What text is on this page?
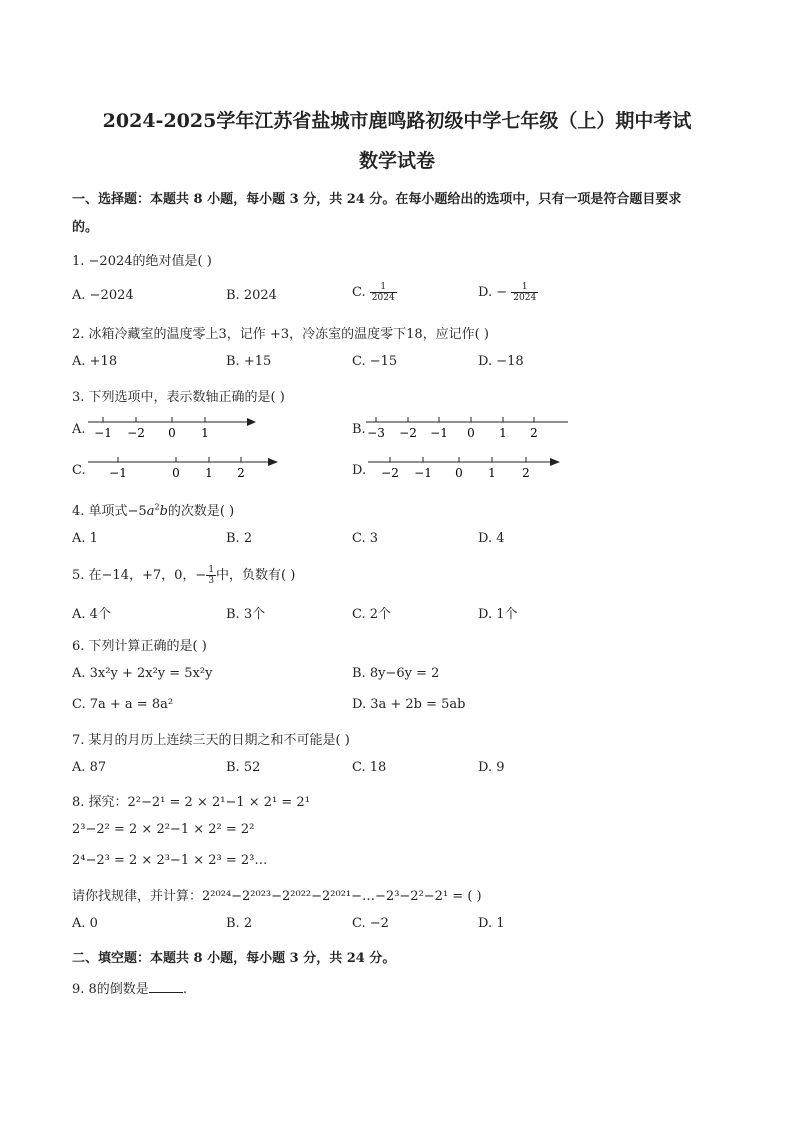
2024-2025学年江苏省盐城市鹿鸣路初级中学七年级（上）期中考试
数学试卷
一、选择题：本题共 8 小题，每小题 3 分，共 24 分。在每小题给出的选项中，只有一项是符合题目要求
的。
1. −2024的绝对值是( )
A. −2024	B. 2024	C. $\frac{1}{2024}$	D. − $\frac{1}{2024}$
2. 冰箱冷藏室的温度零上3，记作 +3，冷冻室的温度零下18，应记作( )
A. +18	B. +15	C. −15	D. −18
3. 下列选项中，表示数轴正确的是( )
A. −1 −2 0 1	B. −3 −2 −1 0 1 2
C. −1	0 1 2	D. −2 −1 0 1 2
4. 单项式$-5a^2b$的次数是( )
A. 1	B. 2	C. 3	D. 4
5. 在−14，+7，0，− $\frac{1}{3}$ 中，负数有( )
A. 4个	B. 3个	C. 2个	D. 1个
6. 下列计算正确的是( )
A. 3x²y + 2x²y = 5x²y	B. 8y−6y = 2
C. 7a + a = 8a²	D. 3a + 2b = 5ab
7. 某月的月历上连续三天的日期之和不可能是( )
A. 87	B. 52	C. 18	D. 9
8. 探究：2²−2¹ = 2 × 2¹−1 × 2¹ = 2¹
2³−2² = 2 × 2²−1 × 2² = 2²
2⁴−2³ = 2 × 2³−1 × 2³ = 2³…
请你找规律，并计算：2²⁰²⁴−2²⁰²³−2²⁰²²−2²⁰²¹−…−2³−2²−2¹ = ( )
A. 0	B. 2	C. −2	D. 1
二、填空题：本题共 8 小题，每小题 3 分，共 24 分。
9. 8的倒数是	.
